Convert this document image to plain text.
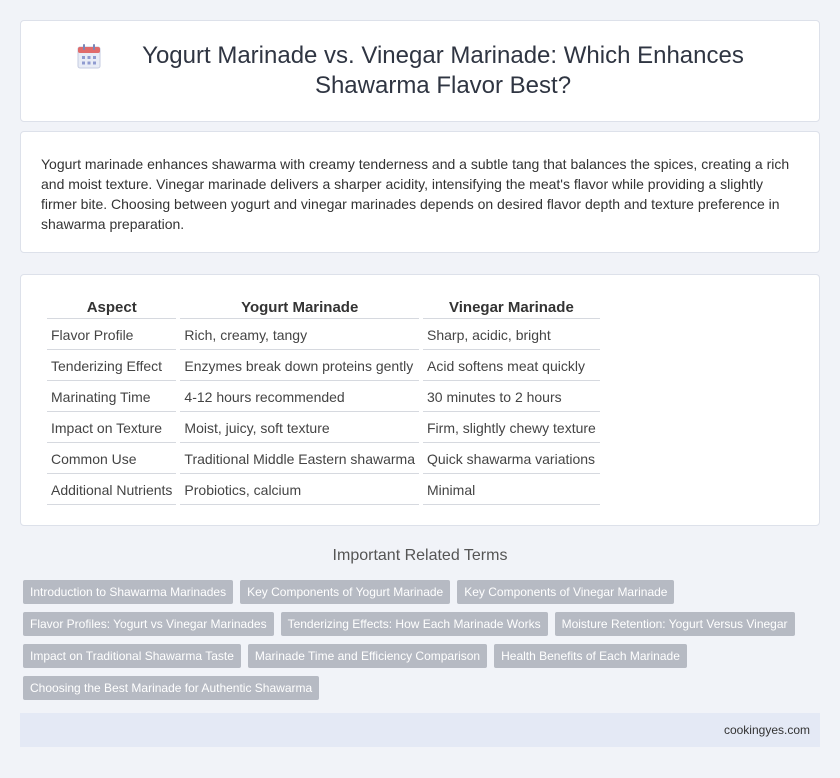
Yogurt Marinade vs. Vinegar Marinade: Which Enhances Shawarma Flavor Best?

Yogurt marinade enhances shawarma with creamy tenderness and a subtle tang that balances the spices, creating a rich and moist texture. Vinegar marinade delivers a sharper acidity, intensifying the meat's flavor while providing a slightly firmer bite. Choosing between yogurt and vinegar marinades depends on desired flavor depth and texture preference in shawarma preparation.

Aspect	Yogurt Marinade	Vinegar Marinade
Flavor Profile	Rich, creamy, tangy	Sharp, acidic, bright
Tenderizing Effect	Enzymes break down proteins gently	Acid softens meat quickly
Marinating Time	4-12 hours recommended	30 minutes to 2 hours
Impact on Texture	Moist, juicy, soft texture	Firm, slightly chewy texture
Common Use	Traditional Middle Eastern shawarma	Quick shawarma variations
Additional Nutrients	Probiotics, calcium	Minimal
Important Related Terms
Introduction to Shawarma Marinades	Key Components of Yogurt Marinade	Key Components of Vinegar Marinade
Flavor Profiles: Yogurt vs Vinegar Marinades	Tenderizing Effects: How Each Marinade Works	Moisture Retention: Yogurt Versus Vinegar
Impact on Traditional Shawarma Taste	Marinade Time and Efficiency Comparison	Health Benefits of Each Marinade
Choosing the Best Marinade for Authentic Shawarma
cookingyes.com
